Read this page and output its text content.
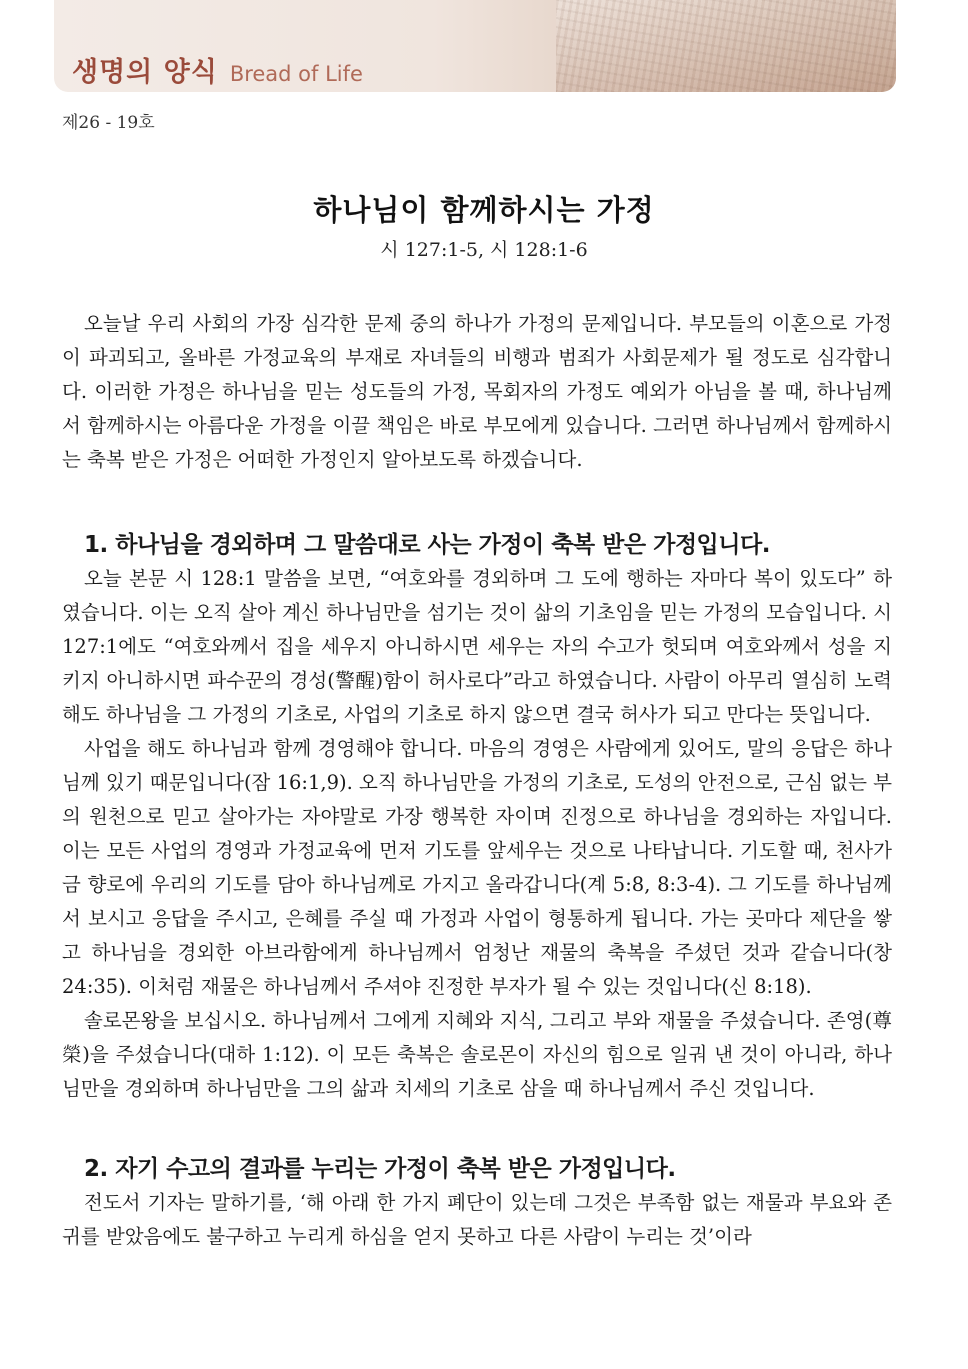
생명의 양식 Bread of Life
제26 - 19호
하나님이 함께하시는 가정
시 127:1-5, 시 128:1-6

오늘날 우리 사회의 가장 심각한 문제 중의 하나가 가정의 문제입니다. 부모들의 이혼으로 가정이 파괴되고, 올바른 가정교육의 부재로 자녀들의 비행과 범죄가 사회문제가 될 정도로 심각합니다. 이러한 가정은 하나님을 믿는 성도들의 가정, 목회자의 가정도 예외가 아님을 볼 때, 하나님께서 함께하시는 아름다운 가정을 이끌 책임은 바로 부모에게 있습니다. 그러면 하나님께서 함께하시는 축복 받은 가정은 어떠한 가정인지 알아보도록 하겠습니다.

1. 하나님을 경외하며 그 말씀대로 사는 가정이 축복 받은 가정입니다.

오늘 본문 시 128:1 말씀을 보면, “여호와를 경외하며 그 도에 행하는 자마다 복이 있도다” 하였습니다. 이는 오직 살아 계신 하나님만을 섬기는 것이 삶의 기초임을 믿는 가정의 모습입니다. 시 127:1에도 “여호와께서 집을 세우지 아니하시면 세우는 자의 수고가 헛되며 여호와께서 성을 지키지 아니하시면 파수꾼의 경성(警醒)함이 허사로다”라고 하였습니다. 사람이 아무리 열심히 노력해도 하나님을 그 가정의 기초로, 사업의 기초로 하지 않으면 결국 허사가 되고 만다는 뜻입니다.

사업을 해도 하나님과 함께 경영해야 합니다. 마음의 경영은 사람에게 있어도, 말의 응답은 하나님께 있기 때문입니다(잠 16:1,9). 오직 하나님만을 가정의 기초로, 도성의 안전으로, 근심 없는 부의 원천으로 믿고 살아가는 자야말로 가장 행복한 자이며 진정으로 하나님을 경외하는 자입니다. 이는 모든 사업의 경영과 가정교육에 먼저 기도를 앞세우는 것으로 나타납니다. 기도할 때, 천사가 금 향로에 우리의 기도를 담아 하나님께로 가지고 올라갑니다(계 5:8, 8:3-4). 그 기도를 하나님께서 보시고 응답을 주시고, 은혜를 주실 때 가정과 사업이 형통하게 됩니다. 가는 곳마다 제단을 쌓고 하나님을 경외한 아브라함에게 하나님께서 엄청난 재물의 축복을 주셨던 것과 같습니다(창 24:35). 이처럼 재물은 하나님께서 주셔야 진정한 부자가 될 수 있는 것입니다(신 8:18).

솔로몬왕을 보십시오. 하나님께서 그에게 지혜와 지식, 그리고 부와 재물을 주셨습니다. 존영(尊榮)을 주셨습니다(대하 1:12). 이 모든 축복은 솔로몬이 자신의 힘으로 일궈 낸 것이 아니라, 하나님만을 경외하며 하나님만을 그의 삶과 치세의 기초로 삼을 때 하나님께서 주신 것입니다.

2. 자기 수고의 결과를 누리는 가정이 축복 받은 가정입니다.

전도서 기자는 말하기를, ‘해 아래 한 가지 폐단이 있는데 그것은 부족함 없는 재물과 부요와 존귀를 받았음에도 불구하고 누리게 하심을 얻지 못하고 다른 사람이 누리는 것’이라
